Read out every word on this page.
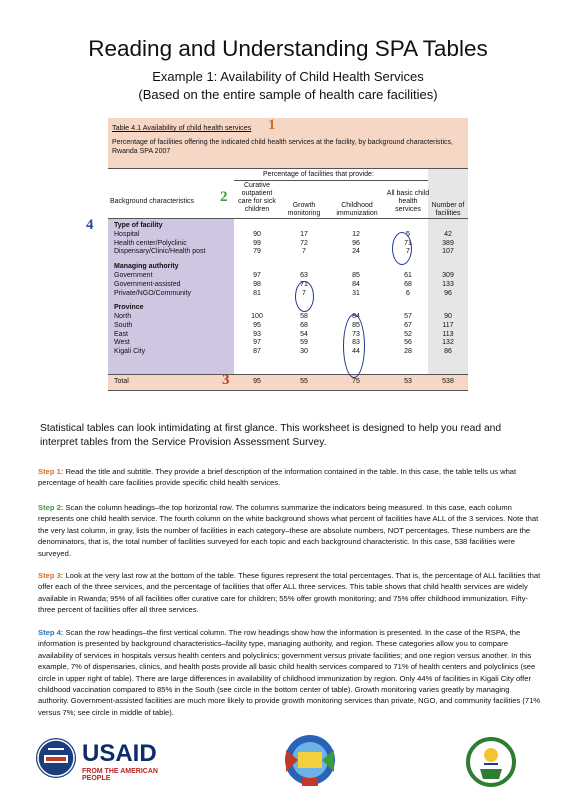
Reading and Understanding SPA Tables
Example 1: Availability of Child Health Services
(Based on the entire sample of health care facilities)
Table 4.1 Availability of child health services
Percentage of facilities offering the indicated child health services at the facility, by background characteristics, Rwanda SPA 2007
Percentage of facilities that provide:
Background characteristics
Curative outpatient care for sick children
Growth monitoring
Childhood immunization
All basic child health services
Number of facilities
Type of facility
Hospital	90	17	12	5	42
Health center/Polyclinic	99	72	96	71	389
Dispensary/Clinic/Health post	79	7	24	7	107
Managing authority
Government	97	63	85	61	309
Government-assisted	98	71	84	68	133
Private/NGO/Community	81	7	31	6	96
Province
North	100	58	84	57	90
South	95	68	85	67	117
East	93	54	73	52	113
West	97	59	83	56	132
Kigali City	87	30	44	28	86
Total	95	55	75	53	538
1
2
3
4
Statistical tables can look intimidating at first glance. This worksheet is designed to help you read and interpret tables from the Service Provision Assessment Survey.
Step 1: Read the title and subtitle. They provide a brief description of the information contained in the table. In this case, the table tells us what percentage of health care facilities provide specific child health services.
Step 2: Scan the column headings–the top horizontal row. The columns summarize the indicators being measured. In this case, each column represents one child health service. The fourth column on the white background shows what percent of facilities have ALL of the 3 services. Note that the very last column, in gray, lists the number of facilities in each category–these are absolute numbers, NOT percentages. These numbers are the denominators, that is, the total number of facilities surveyed for each topic and each background characteristic. In this case, 538 facilities were surveyed.
Step 3: Look at the very last row at the bottom of the table. These figures represent the total percentages. That is, the percentage of ALL facilities that offer each of the three services, and the percentage of facilities that offer ALL three services. This table shows that child health services are widely available in Rwanda; 95% of all facilities offer curative care for children; 55% offer growth monitoring; and 75% offer childhood immunization. Fifty-three percent of facilities offer all three services.
Step 4: Scan the row headings–the first vertical column. The row headings show how the information is presented. In the case of the RSPA, the information is presented by background characteristics–facility type, managing authority, and region. These categories allow you to compare availability of services in hospitals versus health centers and polyclinics; government versus private facilities; and one region versus another. In this example, 7% of dispensaries, clinics, and health posts provide all basic child health services compared to 71% of health centers and polyclinics (see circle in upper right of table). There are large differences in availability of childhood immunization by region. Only 44% of facilities in Kigali City offer childhood vaccination compared to 85% in the South (see circle in the bottom center of table). Growth monitoring varies greatly by managing authority. Government-assisted facilities are much more likely to provide growth monitoring services than private, NGO, and community facilities (71% versus 7%; see circle in middle of table).
USAID
FROM THE AMERICAN PEOPLE
